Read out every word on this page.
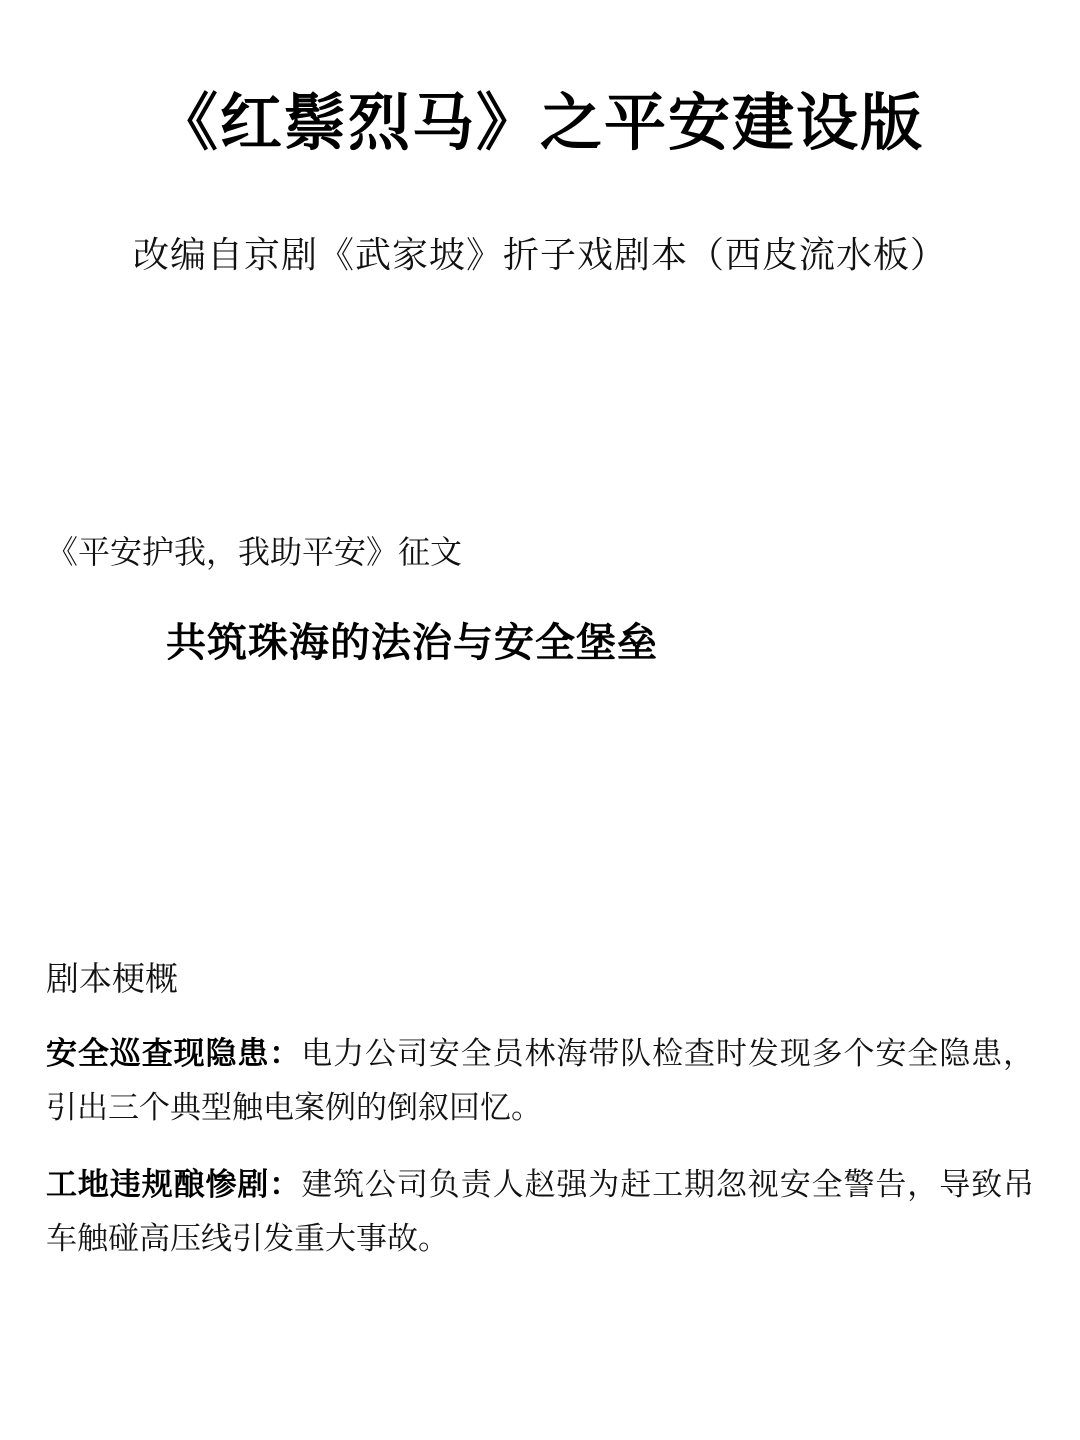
《红鬃烈马》之平安建设版

改编自京剧《武家坡》折子戏剧本（西皮流水板）

《平安护我，我助平安》征文

共筑珠海的法治与安全堡垒

剧本梗概

安全巡查现隐患：电力公司安全员林海带队检查时发现多个安全隐患，引出三个典型触电案例的倒叙回忆。

工地违规酿惨剧：建筑公司负责人赵强为赶工期忽视安全警告，导致吊车触碰高压线引发重大事故。
